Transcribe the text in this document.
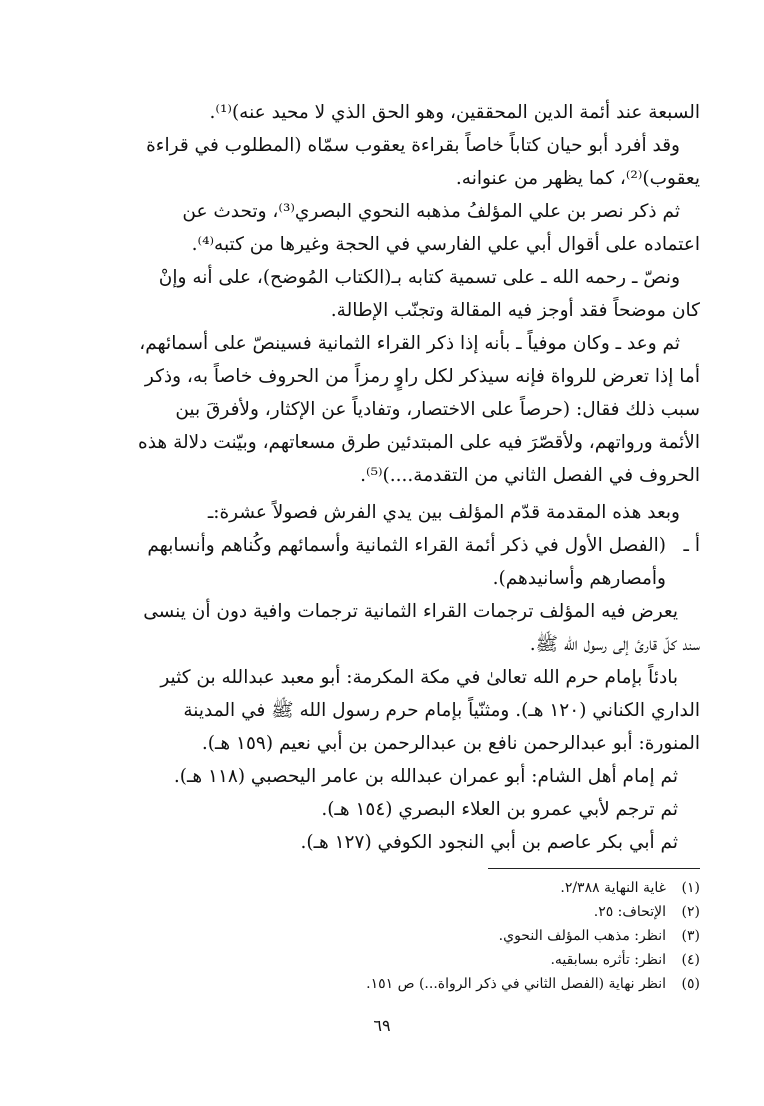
السبعة عند أئمة الدين المحققين، وهو الحق الذي لا محيد عنه)⁽¹⁾.
وقد أفرد أبو حيان كتاباً خاصاً بقراءة يعقوب سمّاه (المطلوب في قراءة
يعقوب)⁽²⁾، كما يظهر من عنوانه.
ثم ذكر نصر بن علي المؤلفُ مذهبه النحوي البصري⁽³⁾، وتحدث عن
اعتماده على أقوال أبي علي الفارسي في الحجة وغيرها من كتبه⁽⁴⁾.
ونصّ ـ رحمه الله ـ على تسمية كتابه بـ(الكتاب المُوضح)، على أنه وإنْ
كان موضحاً فقد أوجز فيه المقالة وتجنّب الإطالة.
ثم وعد ـ وكان موفياً ـ بأنه إذا ذكر القراء الثمانية فسينصّ على أسمائهم،
أما إذا تعرض للرواة فإنه سيذكر لكل راوٍ رمزاً من الحروف خاصاً به، وذكر
سبب ذلك فقال: (حرصاً على الاختصار، وتفادياً عن الإكثار، ولأفرقَ بين
الأئمة ورواتهم، ولأقصّرَ فيه على المبتدئين طرق مسعاتهم، وبيّنت دلالة هذه
الحروف في الفصل الثاني من التقدمة....)⁽⁵⁾.
وبعد هذه المقدمة قدّم المؤلف بين يدي الفرش فصولاً عشرة:ـ
أ ـ
(الفصل الأول في ذكر أئمة القراء الثمانية وأسمائهم وكُناهم وأنسابهم
وأمصارهم وأسانيدهم).
يعرض فيه المؤلف ترجمات القراء الثمانية ترجمات وافية دون أن ينسى
سند كلّ قارئ إلى رسول الله ﷺ.
بادئاً بإمام حرم الله تعالىٰ في مكة المكرمة: أبو معبد عبدالله بن كثير
الداري الكناني (١٢٠ هـ). ومثنّياً بإمام حرم رسول الله ﷺ في المدينة
المنورة: أبو عبدالرحمن نافع بن عبدالرحمن بن أبي نعيم (١٥٩ هـ).
ثم إمام أهل الشام: أبو عمران عبدالله بن عامر اليحصبي (١١٨ هـ).
ثم ترجم لأبي عمرو بن العلاء البصري (١٥٤ هـ).
ثم أبي بكر عاصم بن أبي النجود الكوفي (١٢٧ هـ).
(١)
غاية النهاية ٢/٣٨٨.
(٢)
الإتحاف: ٢٥.
(٣)
انظر: مذهب المؤلف النحوي.
(٤)
انظر: تأثره بسابقيه.
(٥)
انظر نهاية (الفصل الثاني في ذكر الرواة...) ص ١٥١.
٦٩
